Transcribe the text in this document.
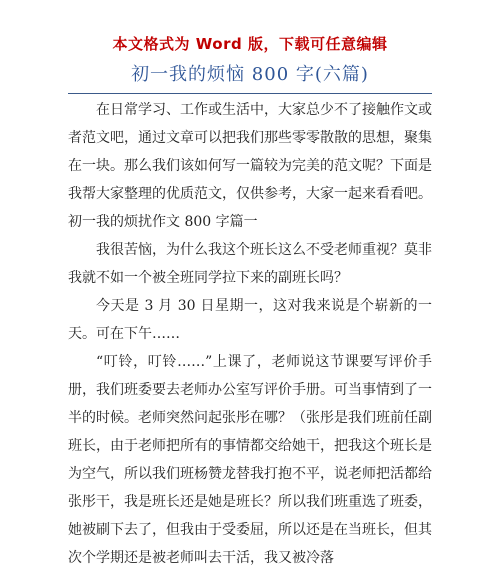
本文格式为 Word 版，下载可任意编辑
初一我的烦恼 800 字(六篇)

在日常学习、工作或生活中，大家总少不了接触作文或者范文吧，通过文章可以把我们那些零零散散的思想，聚集在一块。那么我们该如何写一篇较为完美的范文呢？下面是我帮大家整理的优质范文，仅供参考，大家一起来看看吧。

初一我的烦扰作文 800 字篇一

我很苦恼，为什么我这个班长这么不受老师重视？莫非我就不如一个被全班同学拉下来的副班长吗？

今天是 3 月 30 日星期一，这对我来说是个崭新的一天。可在下午……

“叮铃，叮铃……”上课了，老师说这节课要写评价手册，我们班委要去老师办公室写评价手册。可当事情到了一半的时候。老师突然问起张彤在哪？（张彤是我们班前任副班长，由于老师把所有的事情都交给她干，把我这个班长是为空气，所以我们班杨赞龙替我打抱不平，说老师把活都给张彤干，我是班长还是她是班长？所以我们班重选了班委，她被刷下去了，但我由于受委屈，所以还是在当班长，但其次个学期还是被老师叫去干活，我又被冷落
